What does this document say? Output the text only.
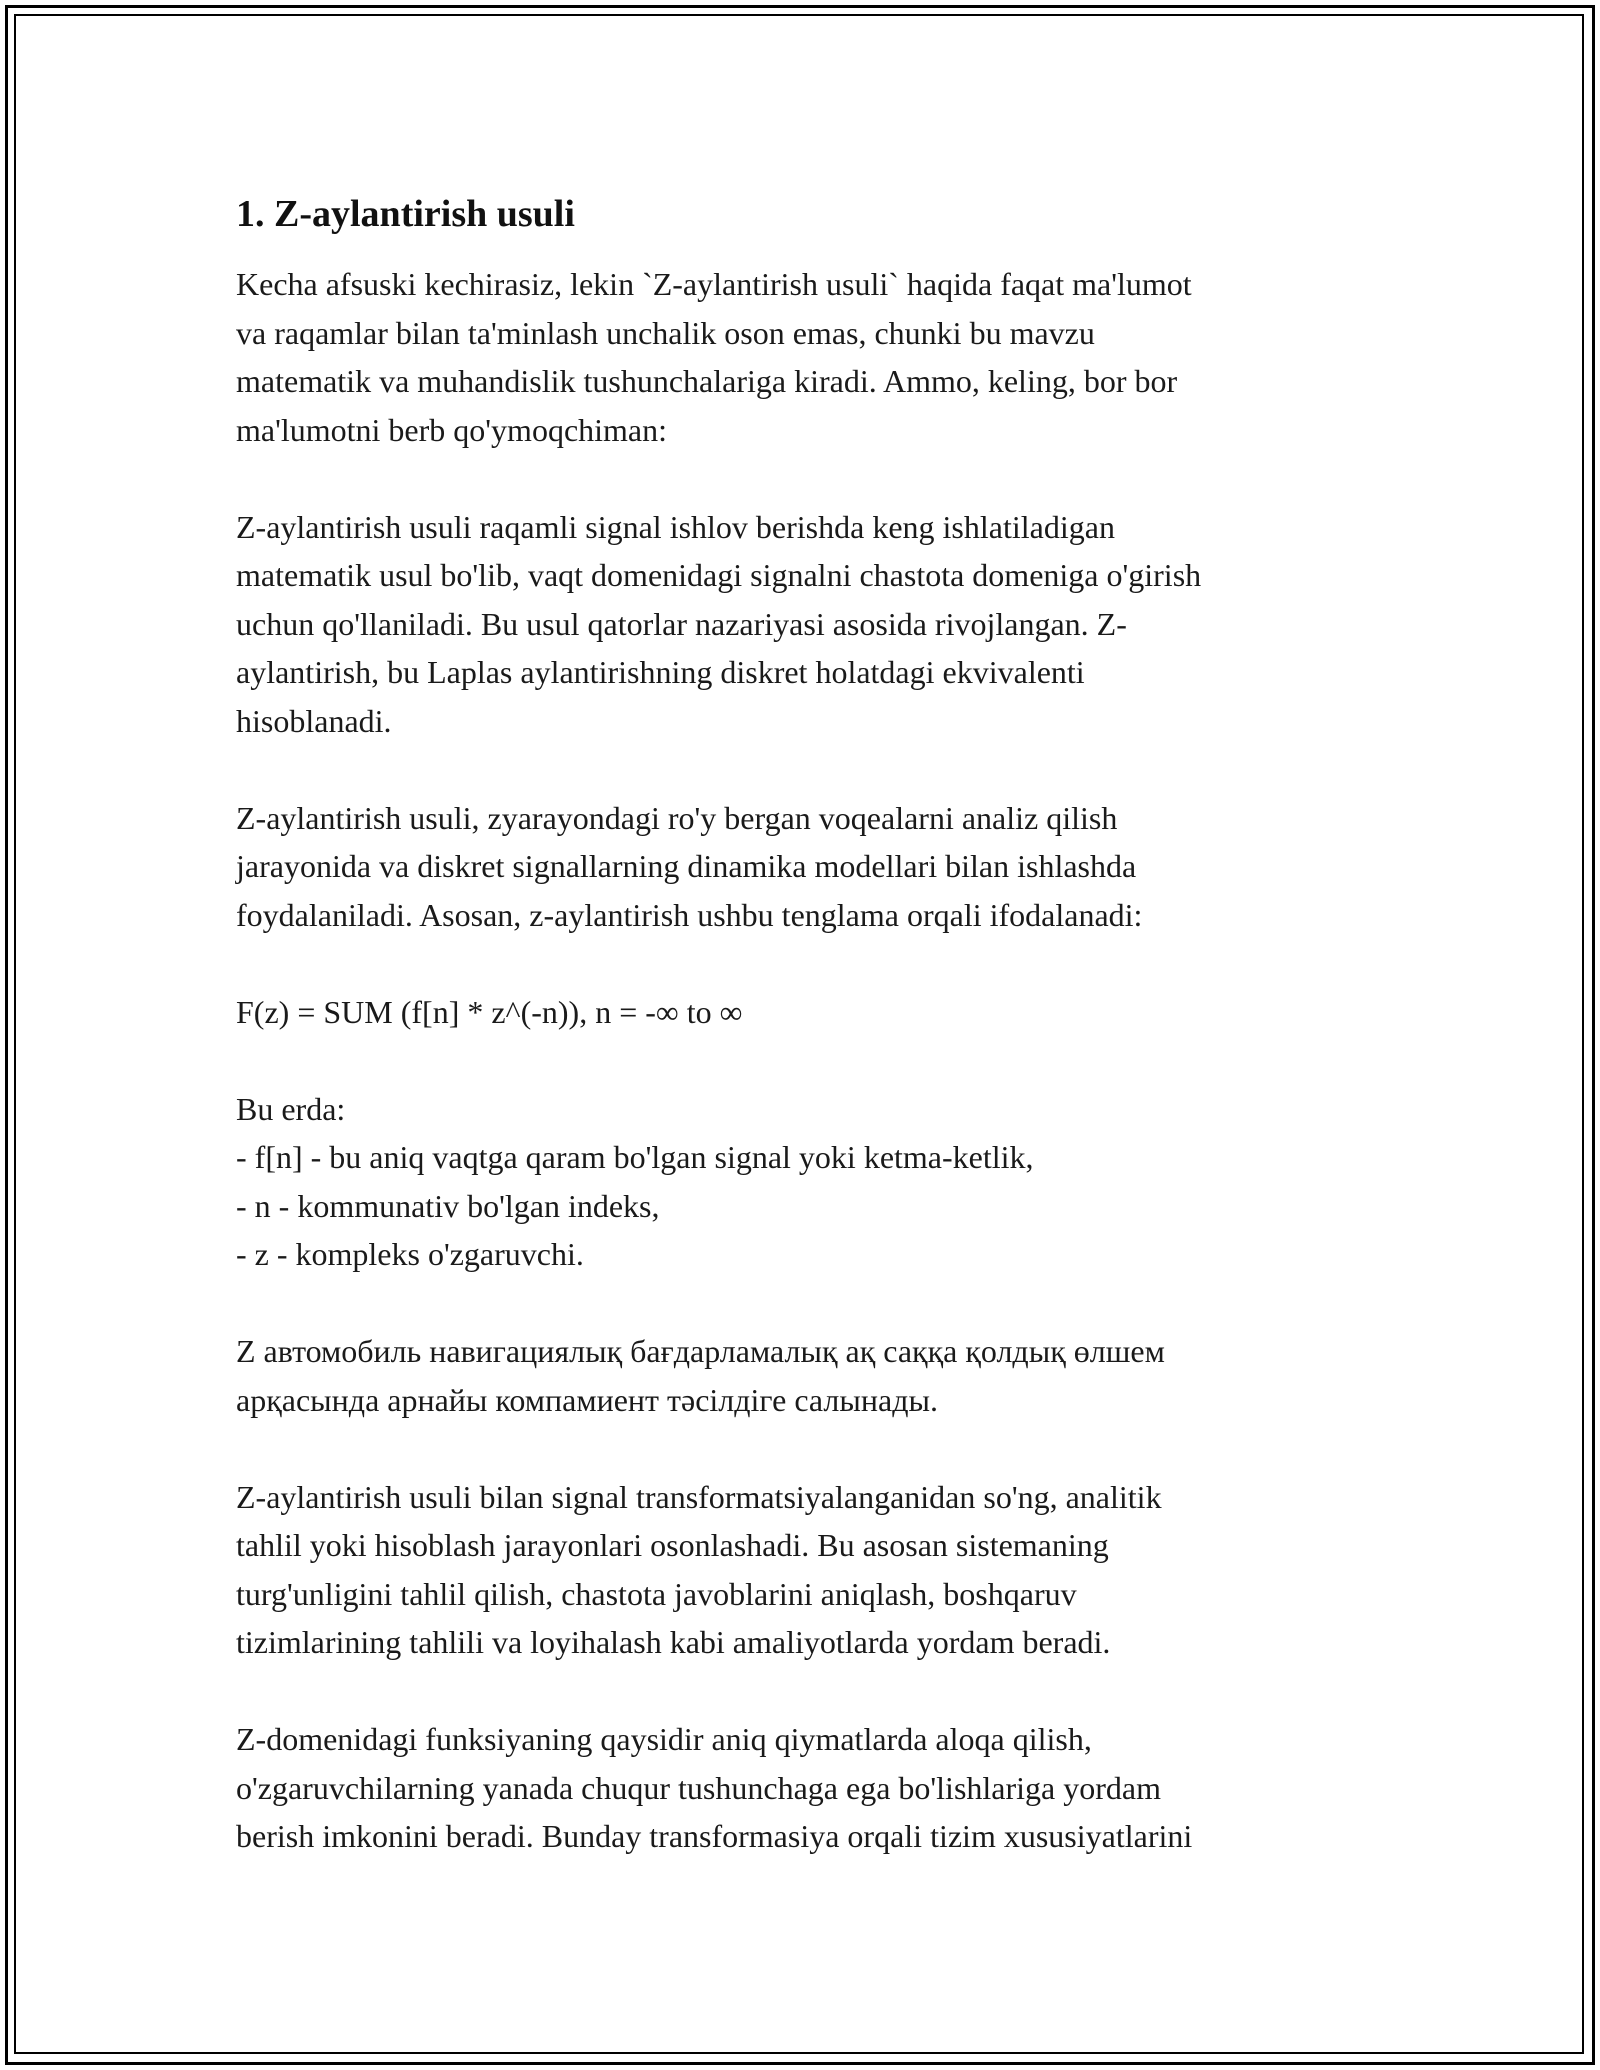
1. Z-aylantirish usuli

Kecha afsuski kechirasiz, lekin `Z-aylantirish usuli` haqida faqat ma'lumot
va raqamlar bilan ta'minlash unchalik oson emas, chunki bu mavzu
matematik va muhandislik tushunchalariga kiradi. Ammo, keling, bor bor
ma'lumotni berb qo'ymoqchiman:

Z-aylantirish usuli raqamli signal ishlov berishda keng ishlatiladigan
matematik usul bo'lib, vaqt domenidagi signalni chastota domeniga o'girish
uchun qo'llaniladi. Bu usul qatorlar nazariyasi asosida rivojlangan. Z-
aylantirish, bu Laplas aylantirishning diskret holatdagi ekvivalenti
hisoblanadi.

Z-aylantirish usuli, zyarayondagi ro'y bergan voqealarni analiz qilish
jarayonida va diskret signallarning dinamika modellari bilan ishlashda
foydalaniladi. Asosan, z-aylantirish ushbu tenglama orqali ifodalanadi:

F(z) = SUM (f[n] * z^(-n)), n = -∞ to ∞

Bu erda:
- f[n] - bu aniq vaqtga qaram bo'lgan signal yoki ketma-ketlik,
- n - kommunativ bo'lgan indeks,
- z - kompleks o'zgaruvchi.

Z автомобиль навигациялық бағдарламалық ақ саққа қолдық өлшем
арқасында арнайы компамиент тәсілдіге салынады.

Z-aylantirish usuli bilan signal transformatsiyalanganidan so'ng, analitik
tahlil yoki hisoblash jarayonlari osonlashadi. Bu asosan sistemaning
turg'unligini tahlil qilish, chastota javoblarini aniqlash, boshqaruv
tizimlarining tahlili va loyihalash kabi amaliyotlarda yordam beradi.

Z-domenidagi funksiyaning qaysidir aniq qiymatlarda aloqa qilish,
o'zgaruvchilarning yanada chuqur tushunchaga ega bo'lishlariga yordam
berish imkonini beradi. Bunday transformasiya orqali tizim xususiyatlarini
